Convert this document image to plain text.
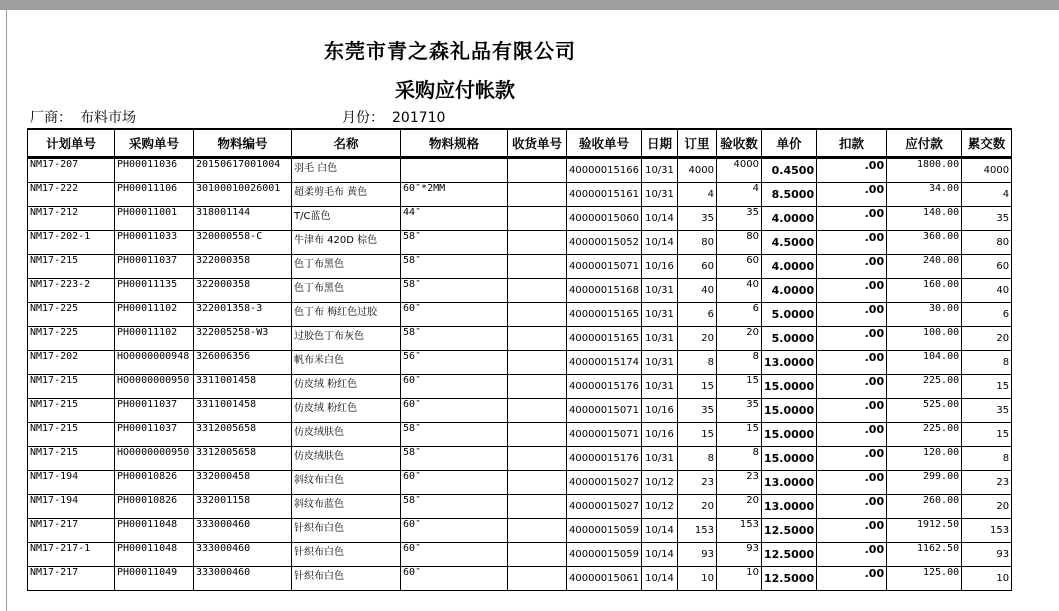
东莞市青之森礼品有限公司
采购应付帐款
厂商： 布料市场	月份： 201710
计划单号	采购单号	物料编号	名称	物料规格	收货单号	验收单号	日期	订里	验收数	单价	扣款	应付款	累交数
NM17-207	PH00011036	20150617001004	羽毛 白色			40000015166	10/31	4000	4000	0.4500	.00	1800.00	4000
NM17-222	PH00011106	30100010026001	超柔剪毛布 黄色	60″*2MM		40000015161	10/31	4	4	8.5000	.00	34.00	4
NM17-212	PH00011001	318001144	T/C蓝色	44″		40000015060	10/14	35	35	4.0000	.00	140.00	35
NM17-202-1	PH00011033	320000558-C	牛津布 420D 棕色	58″		40000015052	10/14	80	80	4.5000	.00	360.00	80
NM17-215	PH00011037	322000358	色丁布黑色	58″		40000015071	10/16	60	60	4.0000	.00	240.00	60
NM17-223-2	PH00011135	322000358	色丁布黑色	58″		40000015168	10/31	40	40	4.0000	.00	160.00	40
NM17-225	PH00011102	322001358-3	色丁布 梅红色过胶	60″		40000015165	10/31	6	6	5.0000	.00	30.00	6
NM17-225	PH00011102	322005258-W3	过胶色丁布灰色	58″		40000015165	10/31	20	20	5.0000	.00	100.00	20
NM17-202	HO0000000948	326006356	帆布米白色	56″		40000015174	10/31	8	8	13.0000	.00	104.00	8
NM17-215	HO0000000950	3311001458	仿皮绒 粉红色	60″		40000015176	10/31	15	15	15.0000	.00	225.00	15
NM17-215	PH00011037	3311001458	仿皮绒 粉红色	60″		40000015071	10/16	35	35	15.0000	.00	525.00	35
NM17-215	PH00011037	3312005658	仿皮绒肤色	58″		40000015071	10/16	15	15	15.0000	.00	225.00	15
NM17-215	HO0000000950	3312005658	仿皮绒肤色	58″		40000015176	10/31	8	8	15.0000	.00	120.00	8
NM17-194	PH00010826	332000458	斜纹布白色	60″		40000015027	10/12	23	23	13.0000	.00	299.00	23
NM17-194	PH00010826	332001158	斜纹布蓝色	58″		40000015027	10/12	20	20	13.0000	.00	260.00	20
NM17-217	PH00011048	333000460	针织布白色	60″		40000015059	10/14	153	153	12.5000	.00	1912.50	153
NM17-217-1	PH00011048	333000460	针织布白色	60″		40000015059	10/14	93	93	12.5000	.00	1162.50	93
NM17-217	PH00011049	333000460	针织布白色	60″		40000015061	10/14	10	10	12.5000	.00	125.00	10
